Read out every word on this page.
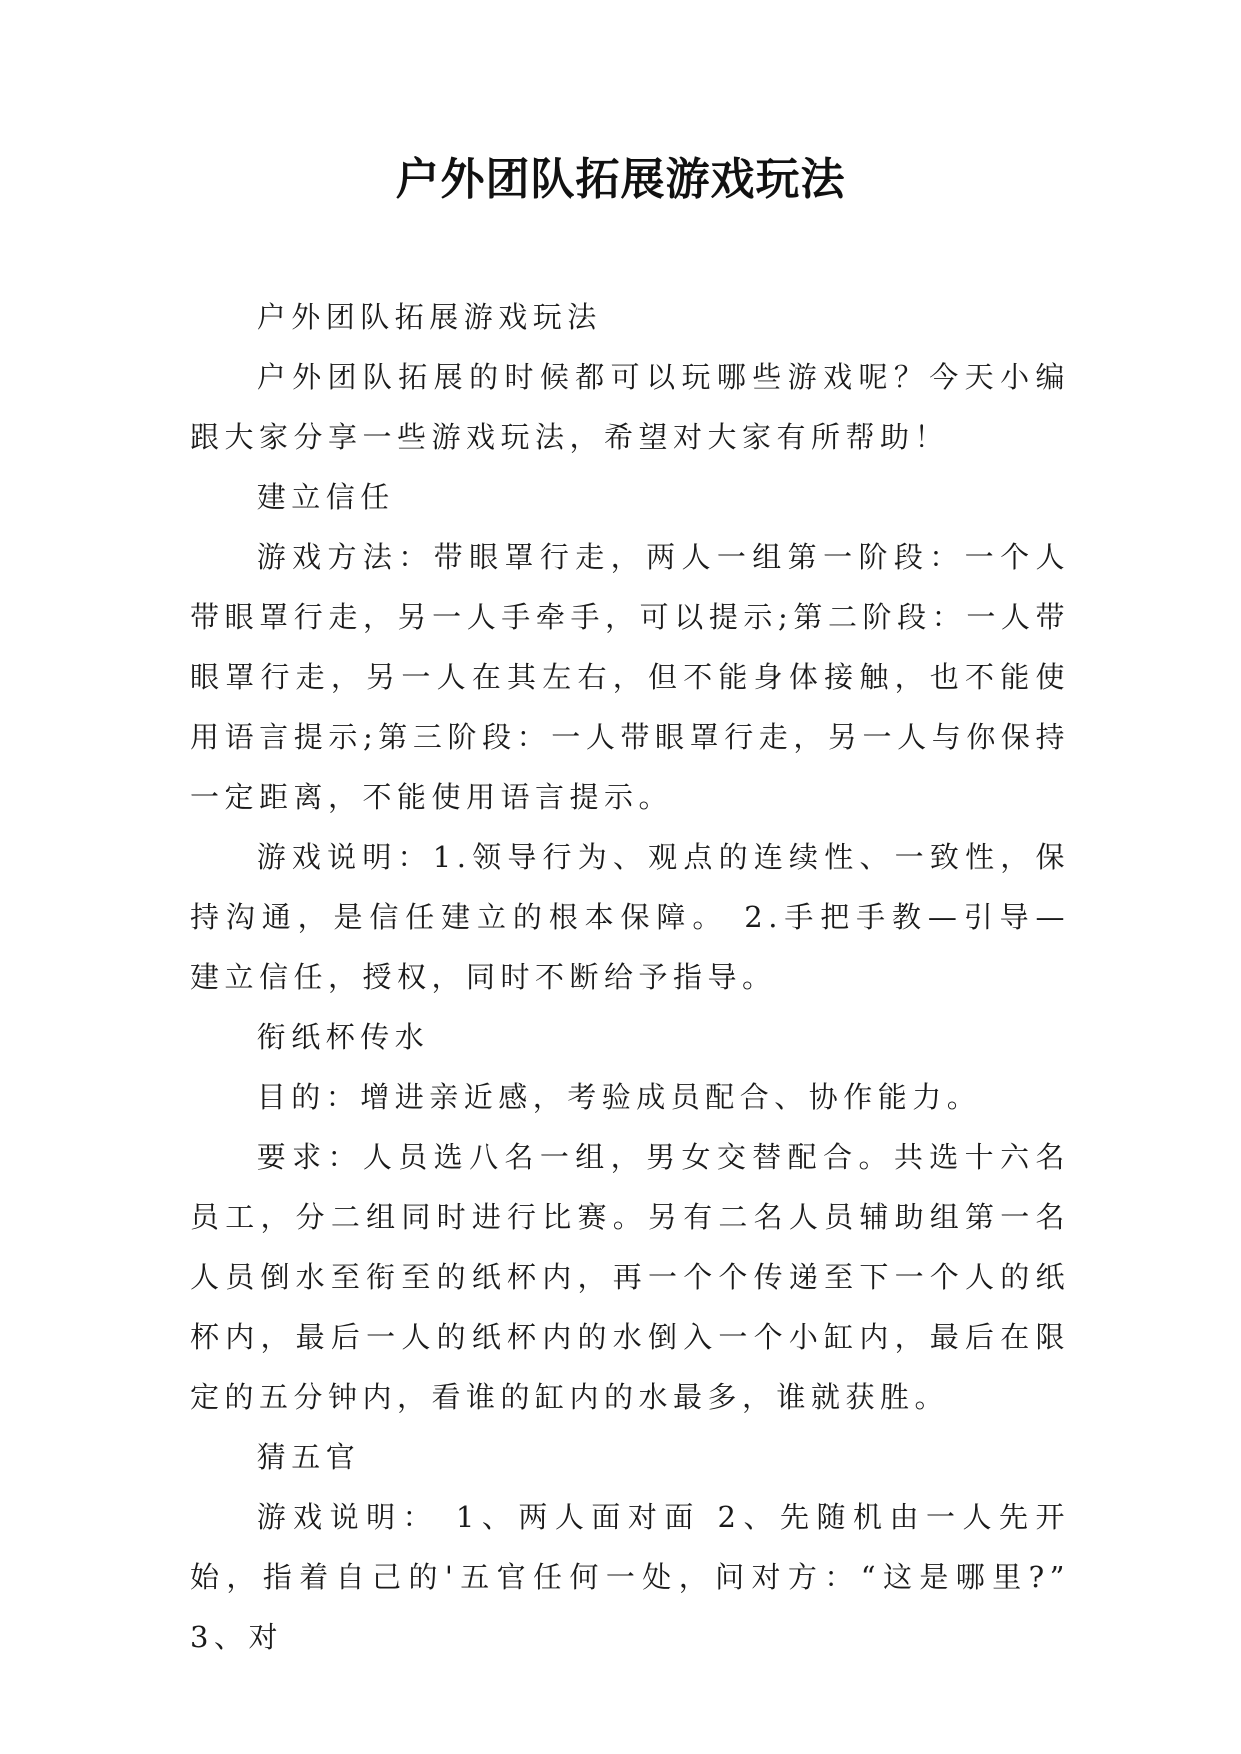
户外团队拓展游戏玩法

户外团队拓展游戏玩法

户外团队拓展的时候都可以玩哪些游戏呢？今天小编跟大家分享一些游戏玩法，希望对大家有所帮助！

建立信任

游戏方法：带眼罩行走，两人一组第一阶段：一个人带眼罩行走，另一人手牵手，可以提示;第二阶段：一人带眼罩行走，另一人在其左右，但不能身体接触，也不能使用语言提示;第三阶段：一人带眼罩行走，另一人与你保持一定距离，不能使用语言提示。

游戏说明：1.领导行为、观点的连续性、一致性，保持沟通，是信任建立的根本保障。 2.手把手教—引导—建立信任，授权，同时不断给予指导。

衔纸杯传水

目的：增进亲近感，考验成员配合、协作能力。

要求：人员选八名一组，男女交替配合。共选十六名员工，分二组同时进行比赛。另有二名人员辅助组第一名人员倒水至衔至的纸杯内，再一个个传递至下一个人的纸杯内，最后一人的纸杯内的水倒入一个小缸内，最后在限定的五分钟内，看谁的缸内的水最多，谁就获胜。

猜五官

游戏说明： 1、两人面对面 2、先随机由一人先开始，指着自己的'五官任何一处，问对方：“这是哪里?” 3、对
